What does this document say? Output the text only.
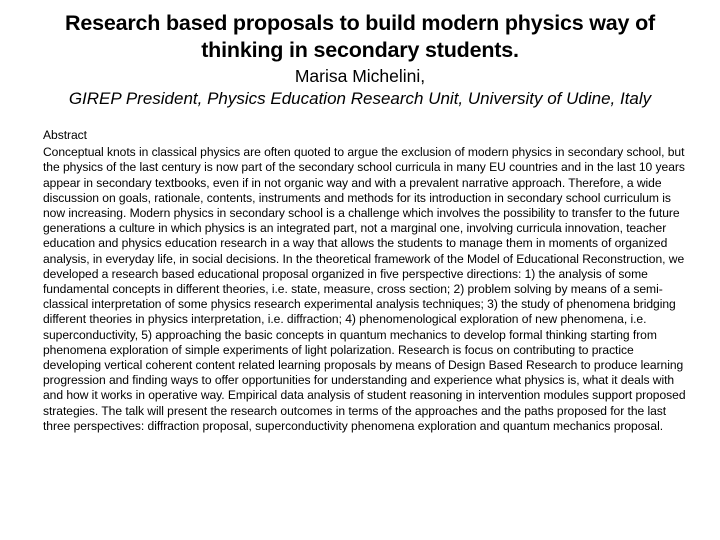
Research based proposals to build modern physics way of thinking in secondary students.
Marisa Michelini,
GIREP President, Physics Education Research Unit, University of Udine, Italy
Abstract

Conceptual knots in classical physics are often quoted to argue the exclusion of modern physics in secondary school, but the physics of the last century is now part of the secondary school curricula in many EU countries and in the last 10 years appear in secondary textbooks, even if in not organic way and with a prevalent narrative approach. Therefore, a wide discussion on goals, rationale, contents, instruments and methods for its introduction in secondary school curriculum is now increasing. Modern physics in secondary school is a challenge which involves the possibility to transfer to the future generations a culture in which physics is an integrated part, not a marginal one, involving curricula innovation, teacher education and physics education research in a way that allows the students to manage them in moments of organized analysis, in everyday life, in social decisions. In the theoretical framework of the Model of Educational Reconstruction, we developed a research based educational proposal organized in five perspective directions: 1) the analysis of some fundamental concepts in different theories, i.e. state, measure, cross section; 2) problem solving by means of a semi-classical interpretation of some physics research experimental analysis techniques; 3) the study of phenomena bridging different theories in physics interpretation, i.e. diffraction; 4) phenomenological exploration of new phenomena, i.e. superconductivity, 5) approaching the basic concepts in quantum mechanics to develop formal thinking starting from phenomena exploration of simple experiments of light polarization. Research is focus on contributing to practice developing vertical coherent content related learning proposals by means of Design Based Research to produce learning progression and finding ways to offer opportunities for understanding and experience what physics is, what it deals with and how it works in operative way. Empirical data analysis of student reasoning in intervention modules support proposed strategies. The talk will present the research outcomes in terms of the approaches and the paths proposed for the last three perspectives: diffraction proposal, superconductivity phenomena exploration and quantum mechanics proposal.
